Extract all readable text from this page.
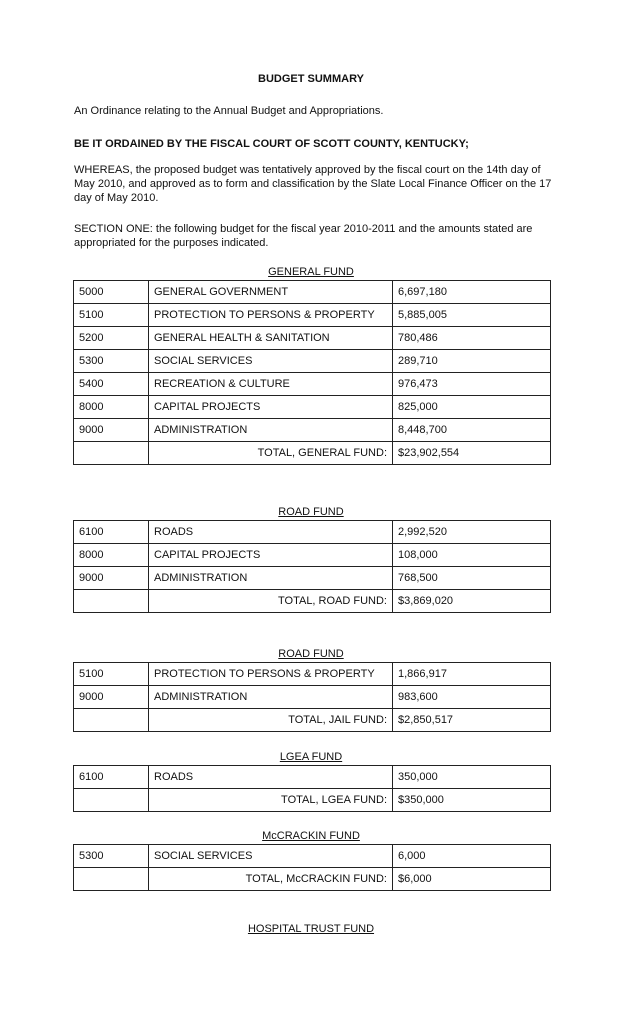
BUDGET SUMMARY
An Ordinance relating to the Annual Budget and Appropriations.
BE IT ORDAINED BY THE FISCAL COURT OF SCOTT COUNTY, KENTUCKY;
WHEREAS, the proposed budget was tentatively approved by the fiscal court on the 14th day of May 2010, and approved as to form and classification by the Slate Local Finance Officer on the 17 day of May 2010.
SECTION ONE: the following budget for the fiscal year 2010-2011 and the amounts stated are appropriated for the purposes indicated.
GENERAL FUND
5000	GENERAL GOVERNMENT	6,697,180
5100	PROTECTION TO PERSONS & PROPERTY	5,885,005
5200	GENERAL HEALTH & SANITATION	780,486
5300	SOCIAL SERVICES	289,710
5400	RECREATION & CULTURE	976,473
8000	CAPITAL PROJECTS	825,000
9000	ADMINISTRATION	8,448,700
	TOTAL, GENERAL FUND:	$23,902,554
ROAD FUND
6100	ROADS	2,992,520
8000	CAPITAL PROJECTS	108,000
9000	ADMINISTRATION	768,500
	TOTAL, ROAD FUND:	$3,869,020
ROAD FUND
5100	PROTECTION TO PERSONS & PROPERTY	1,866,917
9000	ADMINISTRATION	983,600
	TOTAL, JAIL FUND:	$2,850,517
LGEA FUND
6100	ROADS	350,000
	TOTAL, LGEA FUND:	$350,000
McCRACKIN FUND
5300	SOCIAL SERVICES	6,000
	TOTAL, McCRACKIN FUND:	$6,000
HOSPITAL TRUST FUND
